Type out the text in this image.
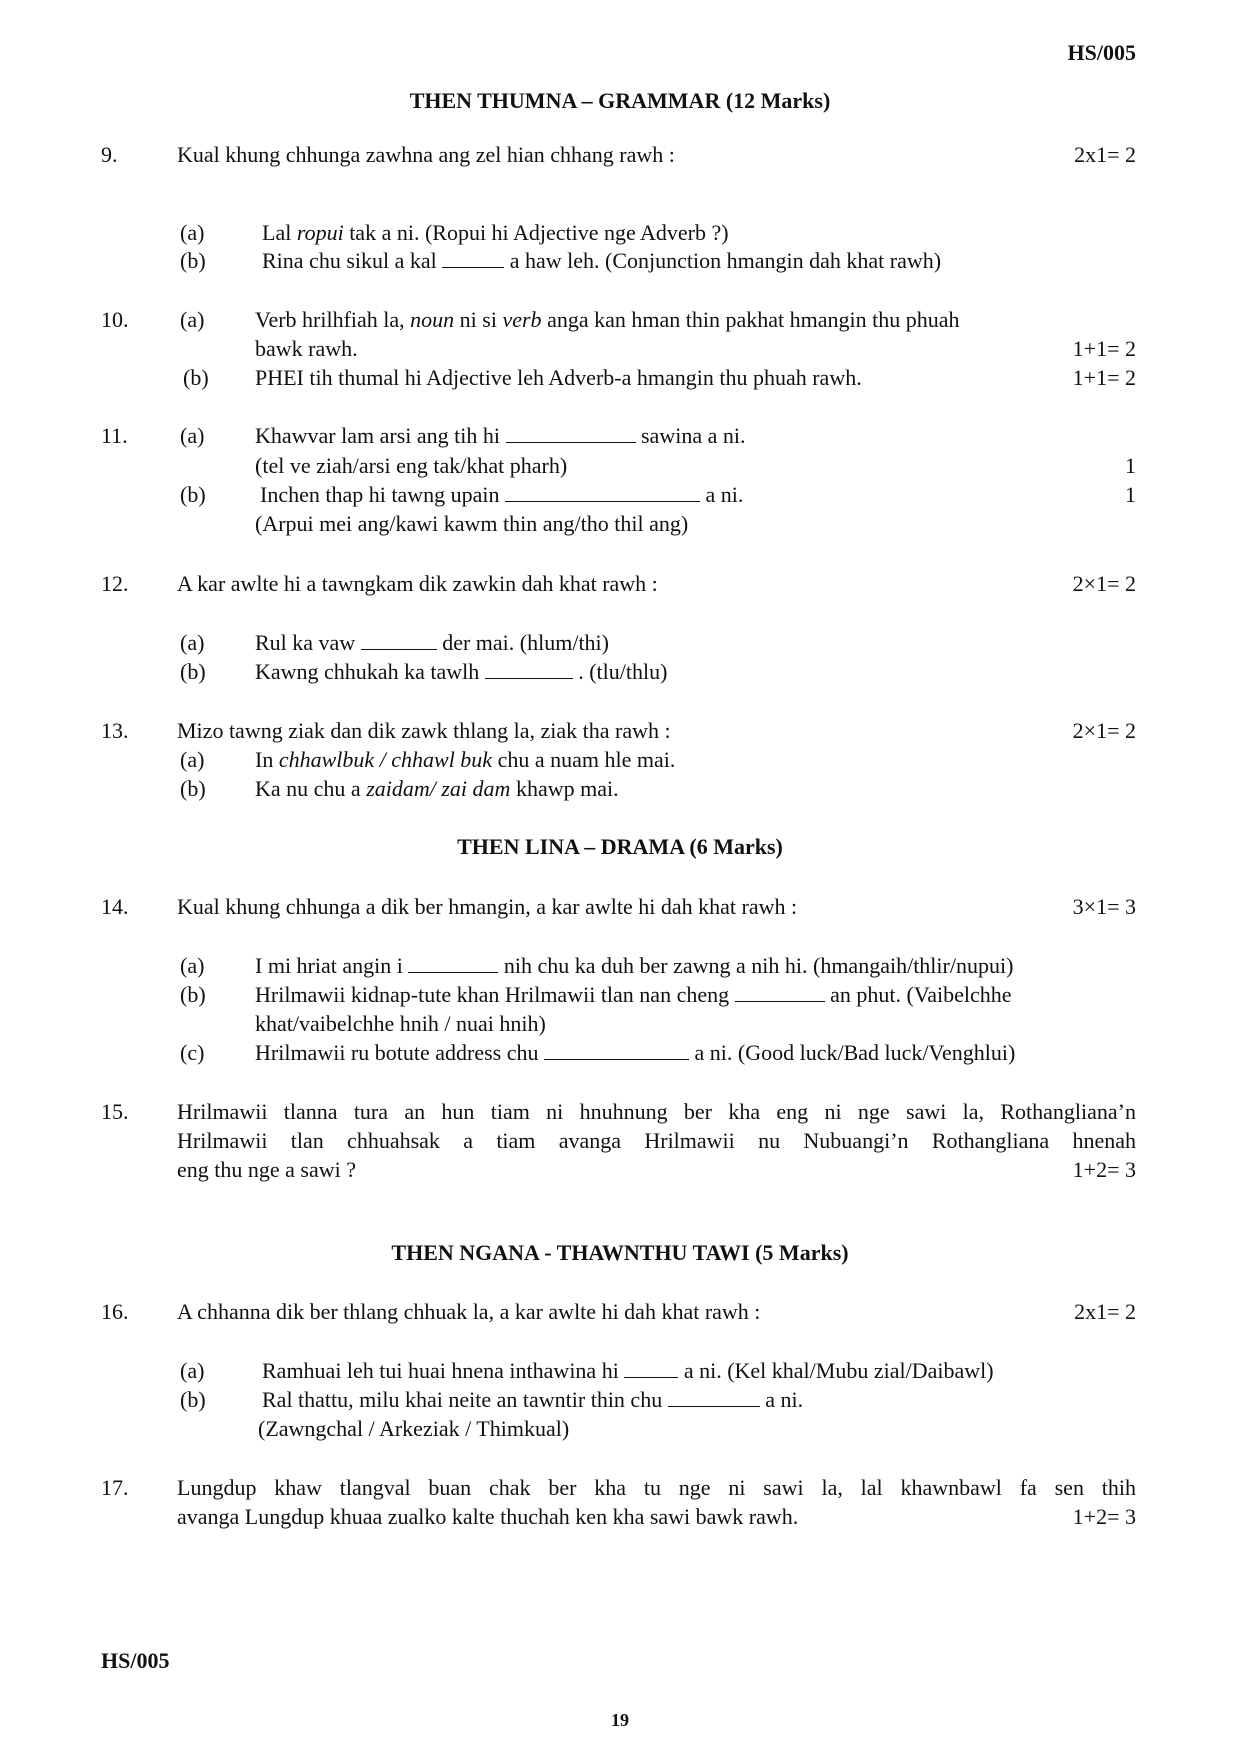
HS/005
THEN THUMNA – GRAMMAR (12 Marks)
9.	Kual khung chhunga zawhna ang zel hian chhang rawh :	2x1= 2
(a)	Lal ropui tak a ni. (Ropui hi Adjective nge Adverb ?)
(b)	Rina chu sikul a kal	a haw leh. (Conjunction hmangin dah khat rawh)
10. (a) Verb hrilhfiah la, noun ni si verb anga kan hman thin pakhat hmangin thu phuah
bawk rawh.	1+1= 2
(b) PHEI tih thumal hi Adjective leh Adverb-a hmangin thu phuah rawh.	1+1= 2
11. (a) Khawvar lam arsi ang tih hi	sawina a ni.
(tel ve ziah/arsi eng tak/khat pharh)	1
(b) Inchen thap hi tawng upain	a ni.	1
(Arpui mei ang/kawi kawm thin ang/tho thil ang)
12. A kar awlte hi a tawngkam dik zawkin dah khat rawh :	2×1= 2
(a) Rul ka vaw	der mai. (hlum/thi)
(b) Kawng chhukah ka tawlh	. (tlu/thlu)
13. Mizo tawng ziak dan dik zawk thlang la, ziak tha rawh :	2×1= 2
(a) In chhawlbuk / chhawl buk chu a nuam hle mai.
(b) Ka nu chu a zaidam/ zai dam khawp mai.
THEN LINA – DRAMA (6 Marks)
14. Kual khung chhunga a dik ber hmangin, a kar awlte hi dah khat rawh :	3×1= 3
(a) I mi hriat angin i	nih chu ka duh ber zawng a nih hi. (hmangaih/thlir/nupui)
(b) Hrilmawii kidnap-tute khan Hrilmawii tlan nan cheng	an phut. (Vaibelchhe
khat/vaibelchhe hnih / nuai hnih)
(c) Hrilmawii ru botute address chu	a ni. (Good luck/Bad luck/Venghlui)
15. Hrilmawii tlanna tura an hun tiam ni hnuhnung ber kha eng ni nge sawi la, Rothangliana’n
Hrilmawii tlan chhuahsak a tiam avanga Hrilmawii nu Nubuangi’n Rothangliana hnenah
eng thu nge a sawi ?	1+2= 3
THEN NGANA - THAWNTHU TAWI (5 Marks)
16. A chhanna dik ber thlang chhuak la, a kar awlte hi dah khat rawh :	2x1= 2
(a)	Ramhuai leh tui huai hnena inthawina hi  a ni. (Kel khal/Mubu zial/Daibawl)
(b)	Ral thattu, milu khai neite an tawntir thin chu	a ni.
(Zawngchal / Arkeziak / Thimkual)
17. Lungdup khaw tlangval buan chak ber kha tu nge ni sawi la, lal khawnbawl fa sen thih
avanga Lungdup khuaa zualko kalte thuchah ken kha sawi bawk rawh.	1+2= 3
HS/005
19
